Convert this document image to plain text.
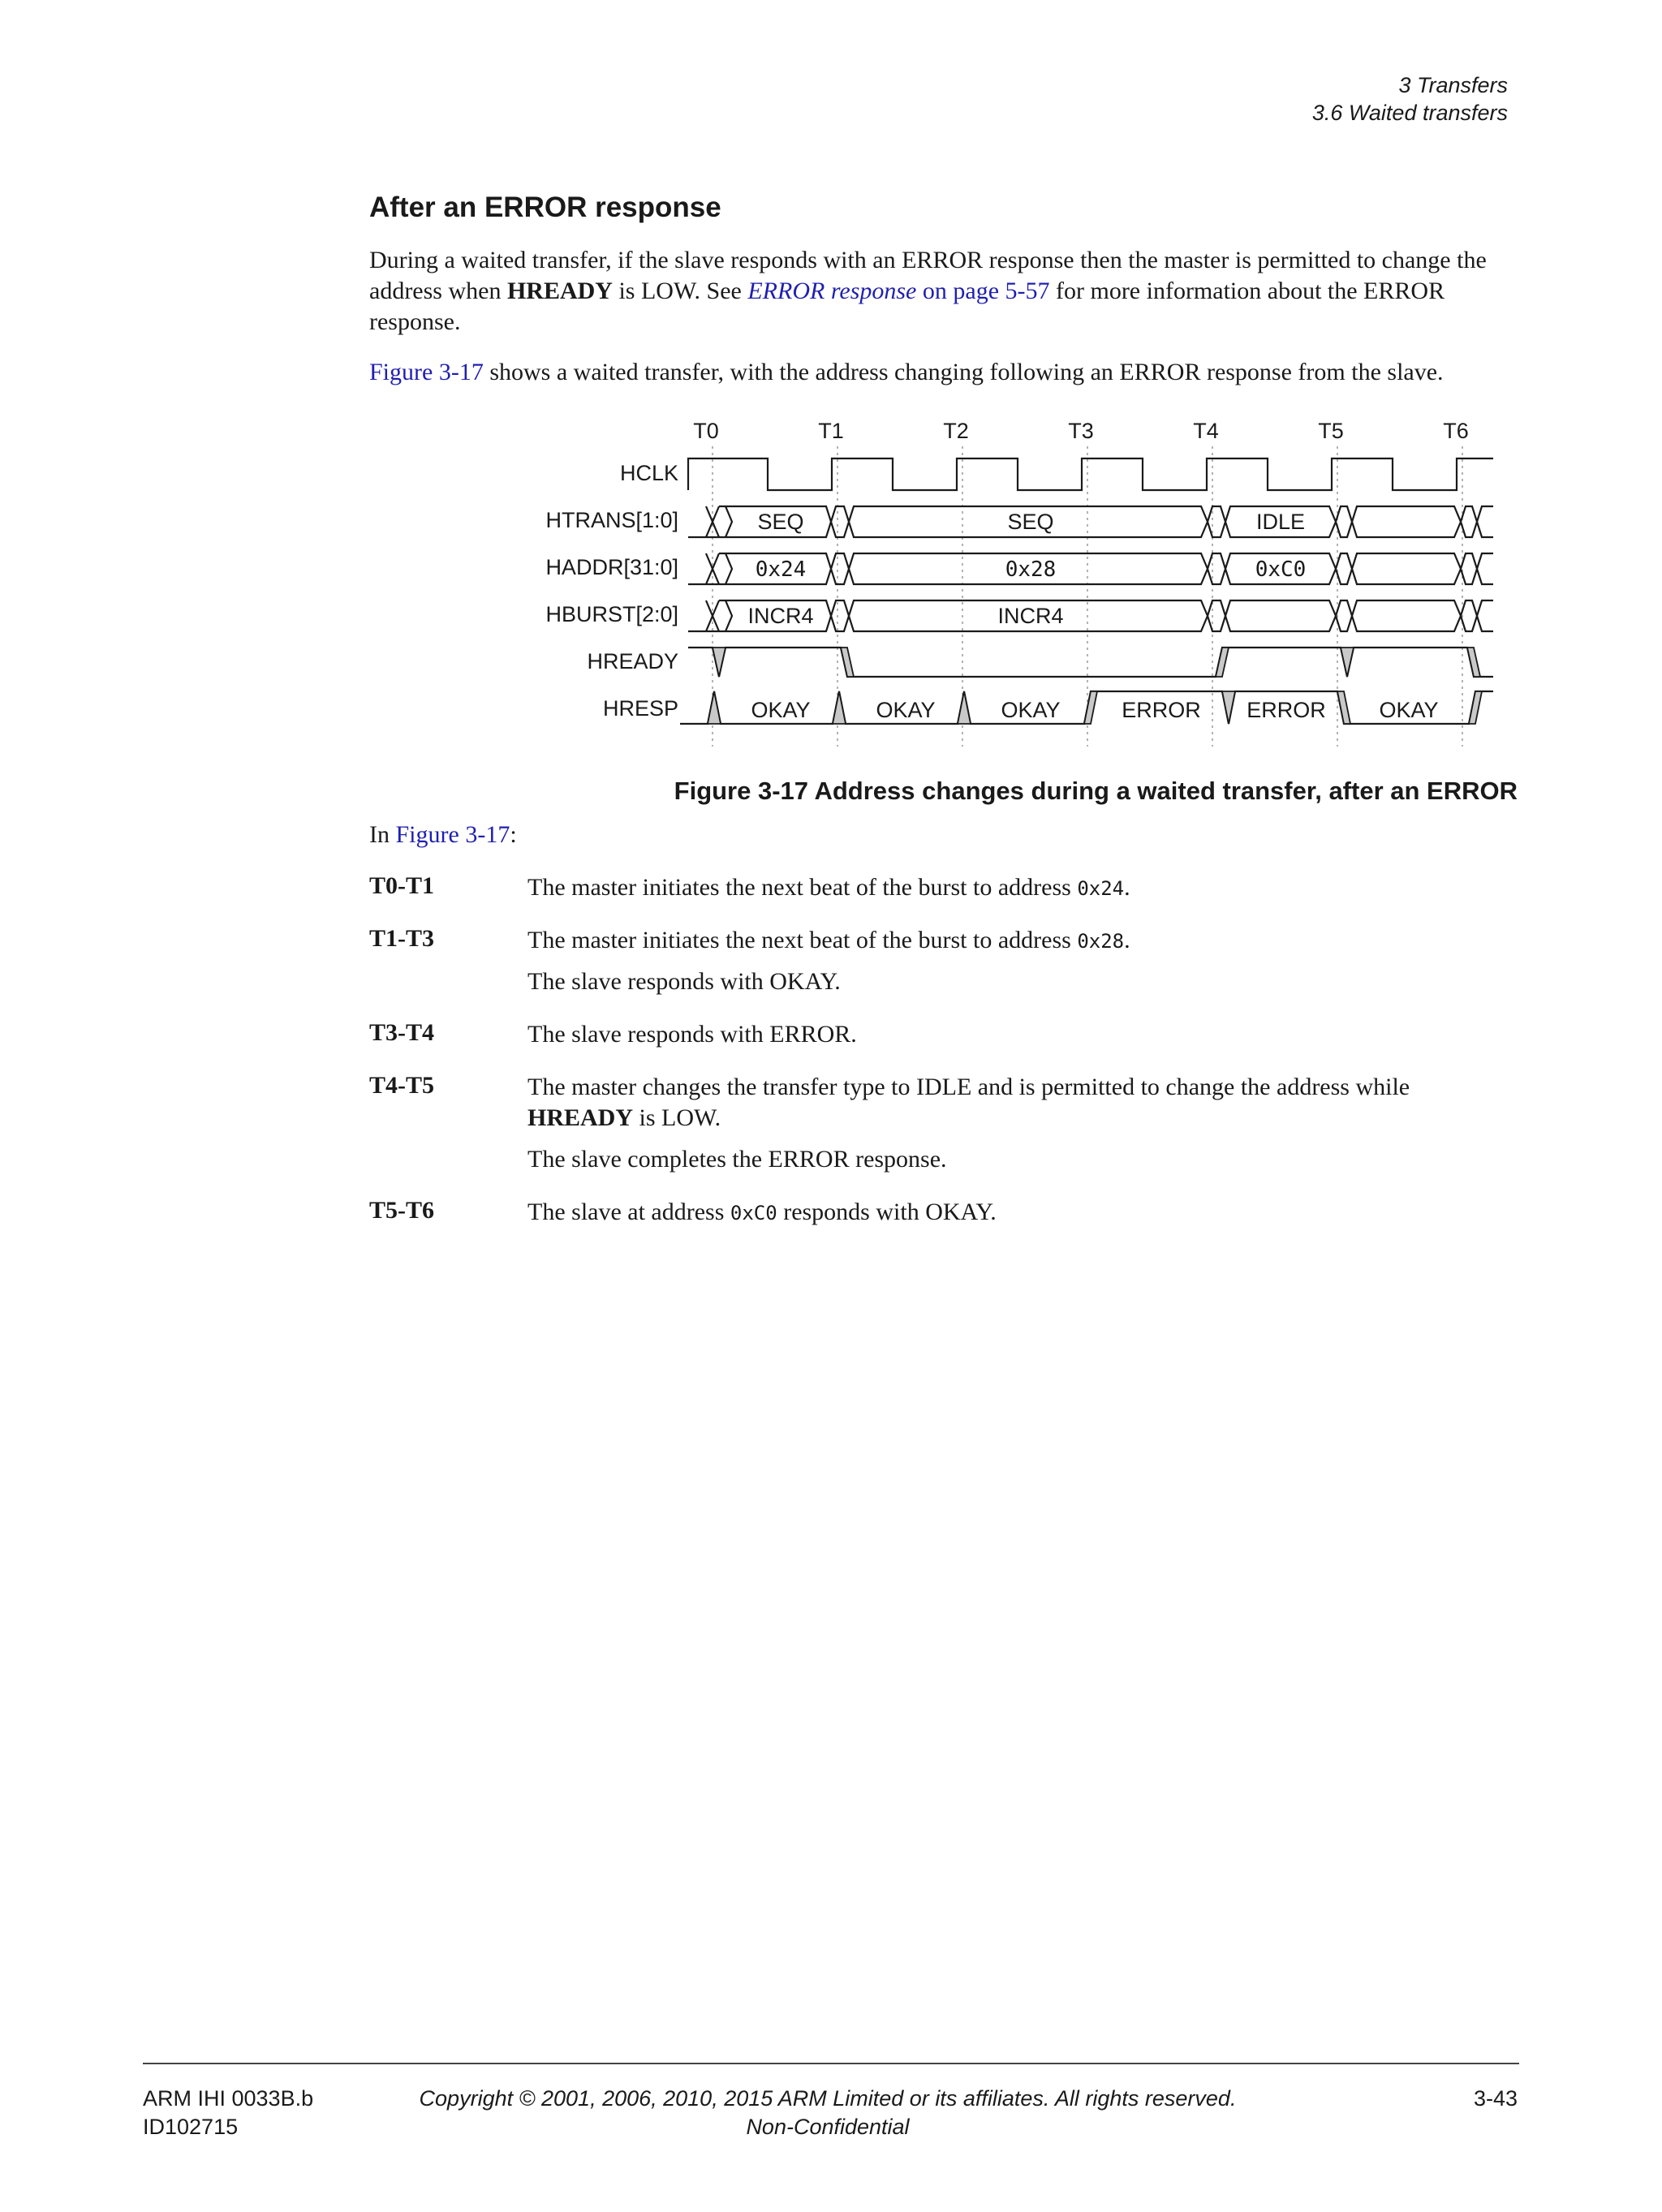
3 Transfers
3.6 Waited transfers
After an ERROR response
During a waited transfer, if the slave responds with an ERROR response then the master is permitted to change the
address when HREADY is LOW. See ERROR response on page 5-57 for more information about the ERROR
response.
Figure 3-17 shows a waited transfer, with the address changing following an ERROR response from the slave.
T0	T1	T2	T3	T4	T5	T6
HCLK
HTRANS[1:0]
HADDR[31:0]
HBURST[2:0]
HREADY
HRESP
SEQ	SEQ	IDLE
0x24	0x28	0xC0
INCR4	INCR4
OKAY	OKAY	OKAY	ERROR ERROR OKAY
Figure 3-17 Address changes during a waited transfer, after an ERROR
In Figure 3-17:
T0-T1	The master initiates the next beat of the burst to address 0x24.
T1-T3	The master initiates the next beat of the burst to address 0x28.
The slave responds with OKAY.
T3-T4	The slave responds with ERROR.
T4-T5	The master changes the transfer type to IDLE and is permitted to change the address while
HREADY is LOW.
The slave completes the ERROR response.
T5-T6	The slave at address 0xC0 responds with OKAY.
ARM IHI 0033B.b
ID102715
Copyright © 2001, 2006, 2010, 2015 ARM Limited or its affiliates. All rights reserved.
Non-Confidential
3-43
